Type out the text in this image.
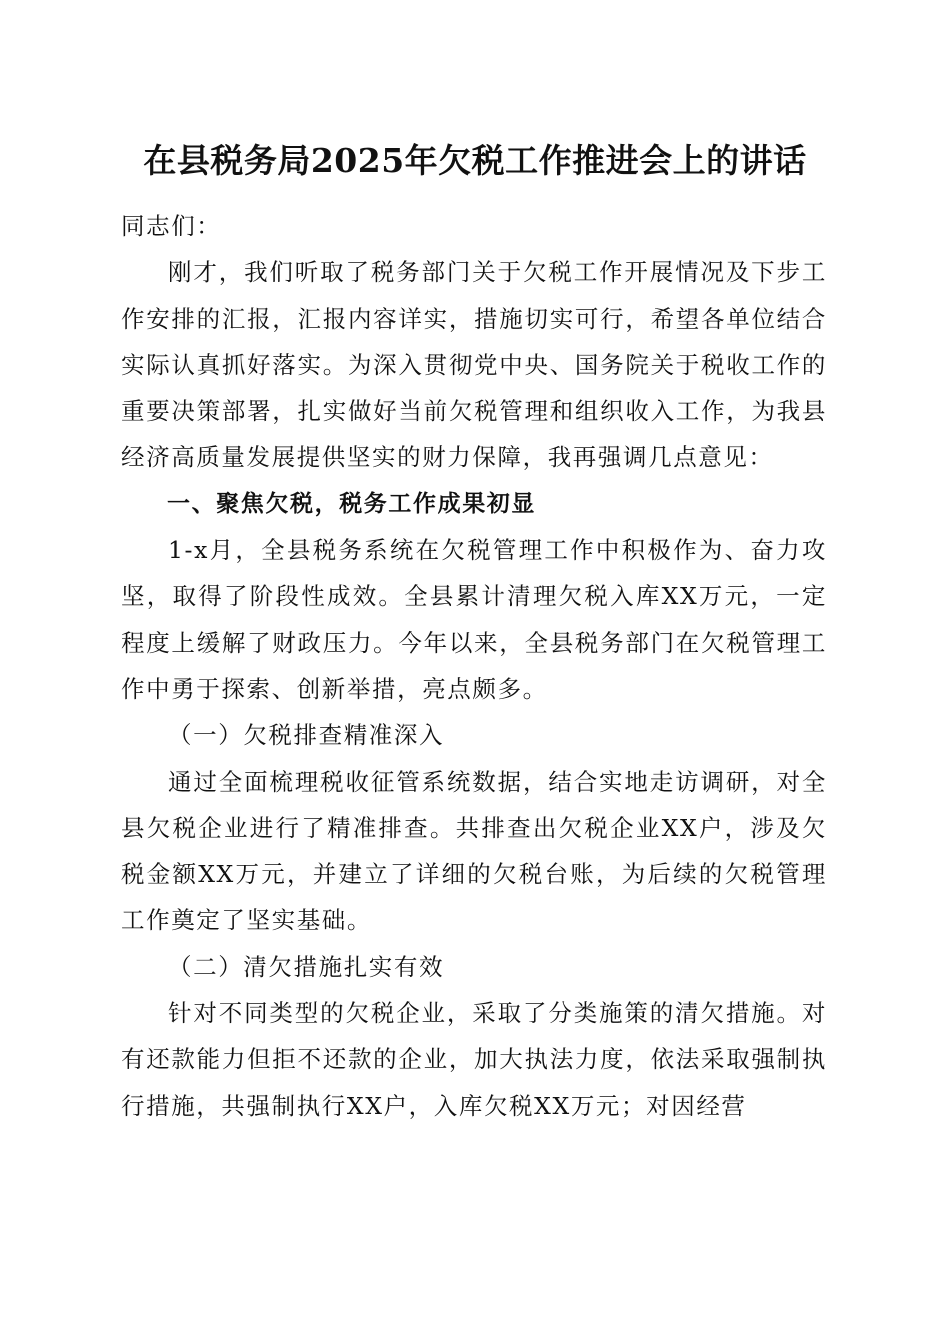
在县税务局2025年欠税工作推进会上的讲话

同志们：

刚才，我们听取了税务部门关于欠税工作开展情况及下步工作安排的汇报，汇报内容详实，措施切实可行，希望各单位结合实际认真抓好落实。为深入贯彻党中央、国务院关于税收工作的重要决策部署，扎实做好当前欠税管理和组织收入工作，为我县经济高质量发展提供坚实的财力保障，我再强调几点意见：

一、聚焦欠税，税务工作成果初显

1-x月，全县税务系统在欠税管理工作中积极作为、奋力攻坚，取得了阶段性成效。全县累计清理欠税入库XX万元，一定程度上缓解了财政压力。今年以来，全县税务部门在欠税管理工作中勇于探索、创新举措，亮点颇多。

（一）欠税排查精准深入

通过全面梳理税收征管系统数据，结合实地走访调研，对全县欠税企业进行了精准排查。共排查出欠税企业XX户，涉及欠税金额XX万元，并建立了详细的欠税台账，为后续的欠税管理工作奠定了坚实基础。

（二）清欠措施扎实有效

针对不同类型的欠税企业，采取了分类施策的清欠措施。对有还款能力但拒不还款的企业，加大执法力度，依法采取强制执行措施，共强制执行XX户，入库欠税XX万元；对因经营
